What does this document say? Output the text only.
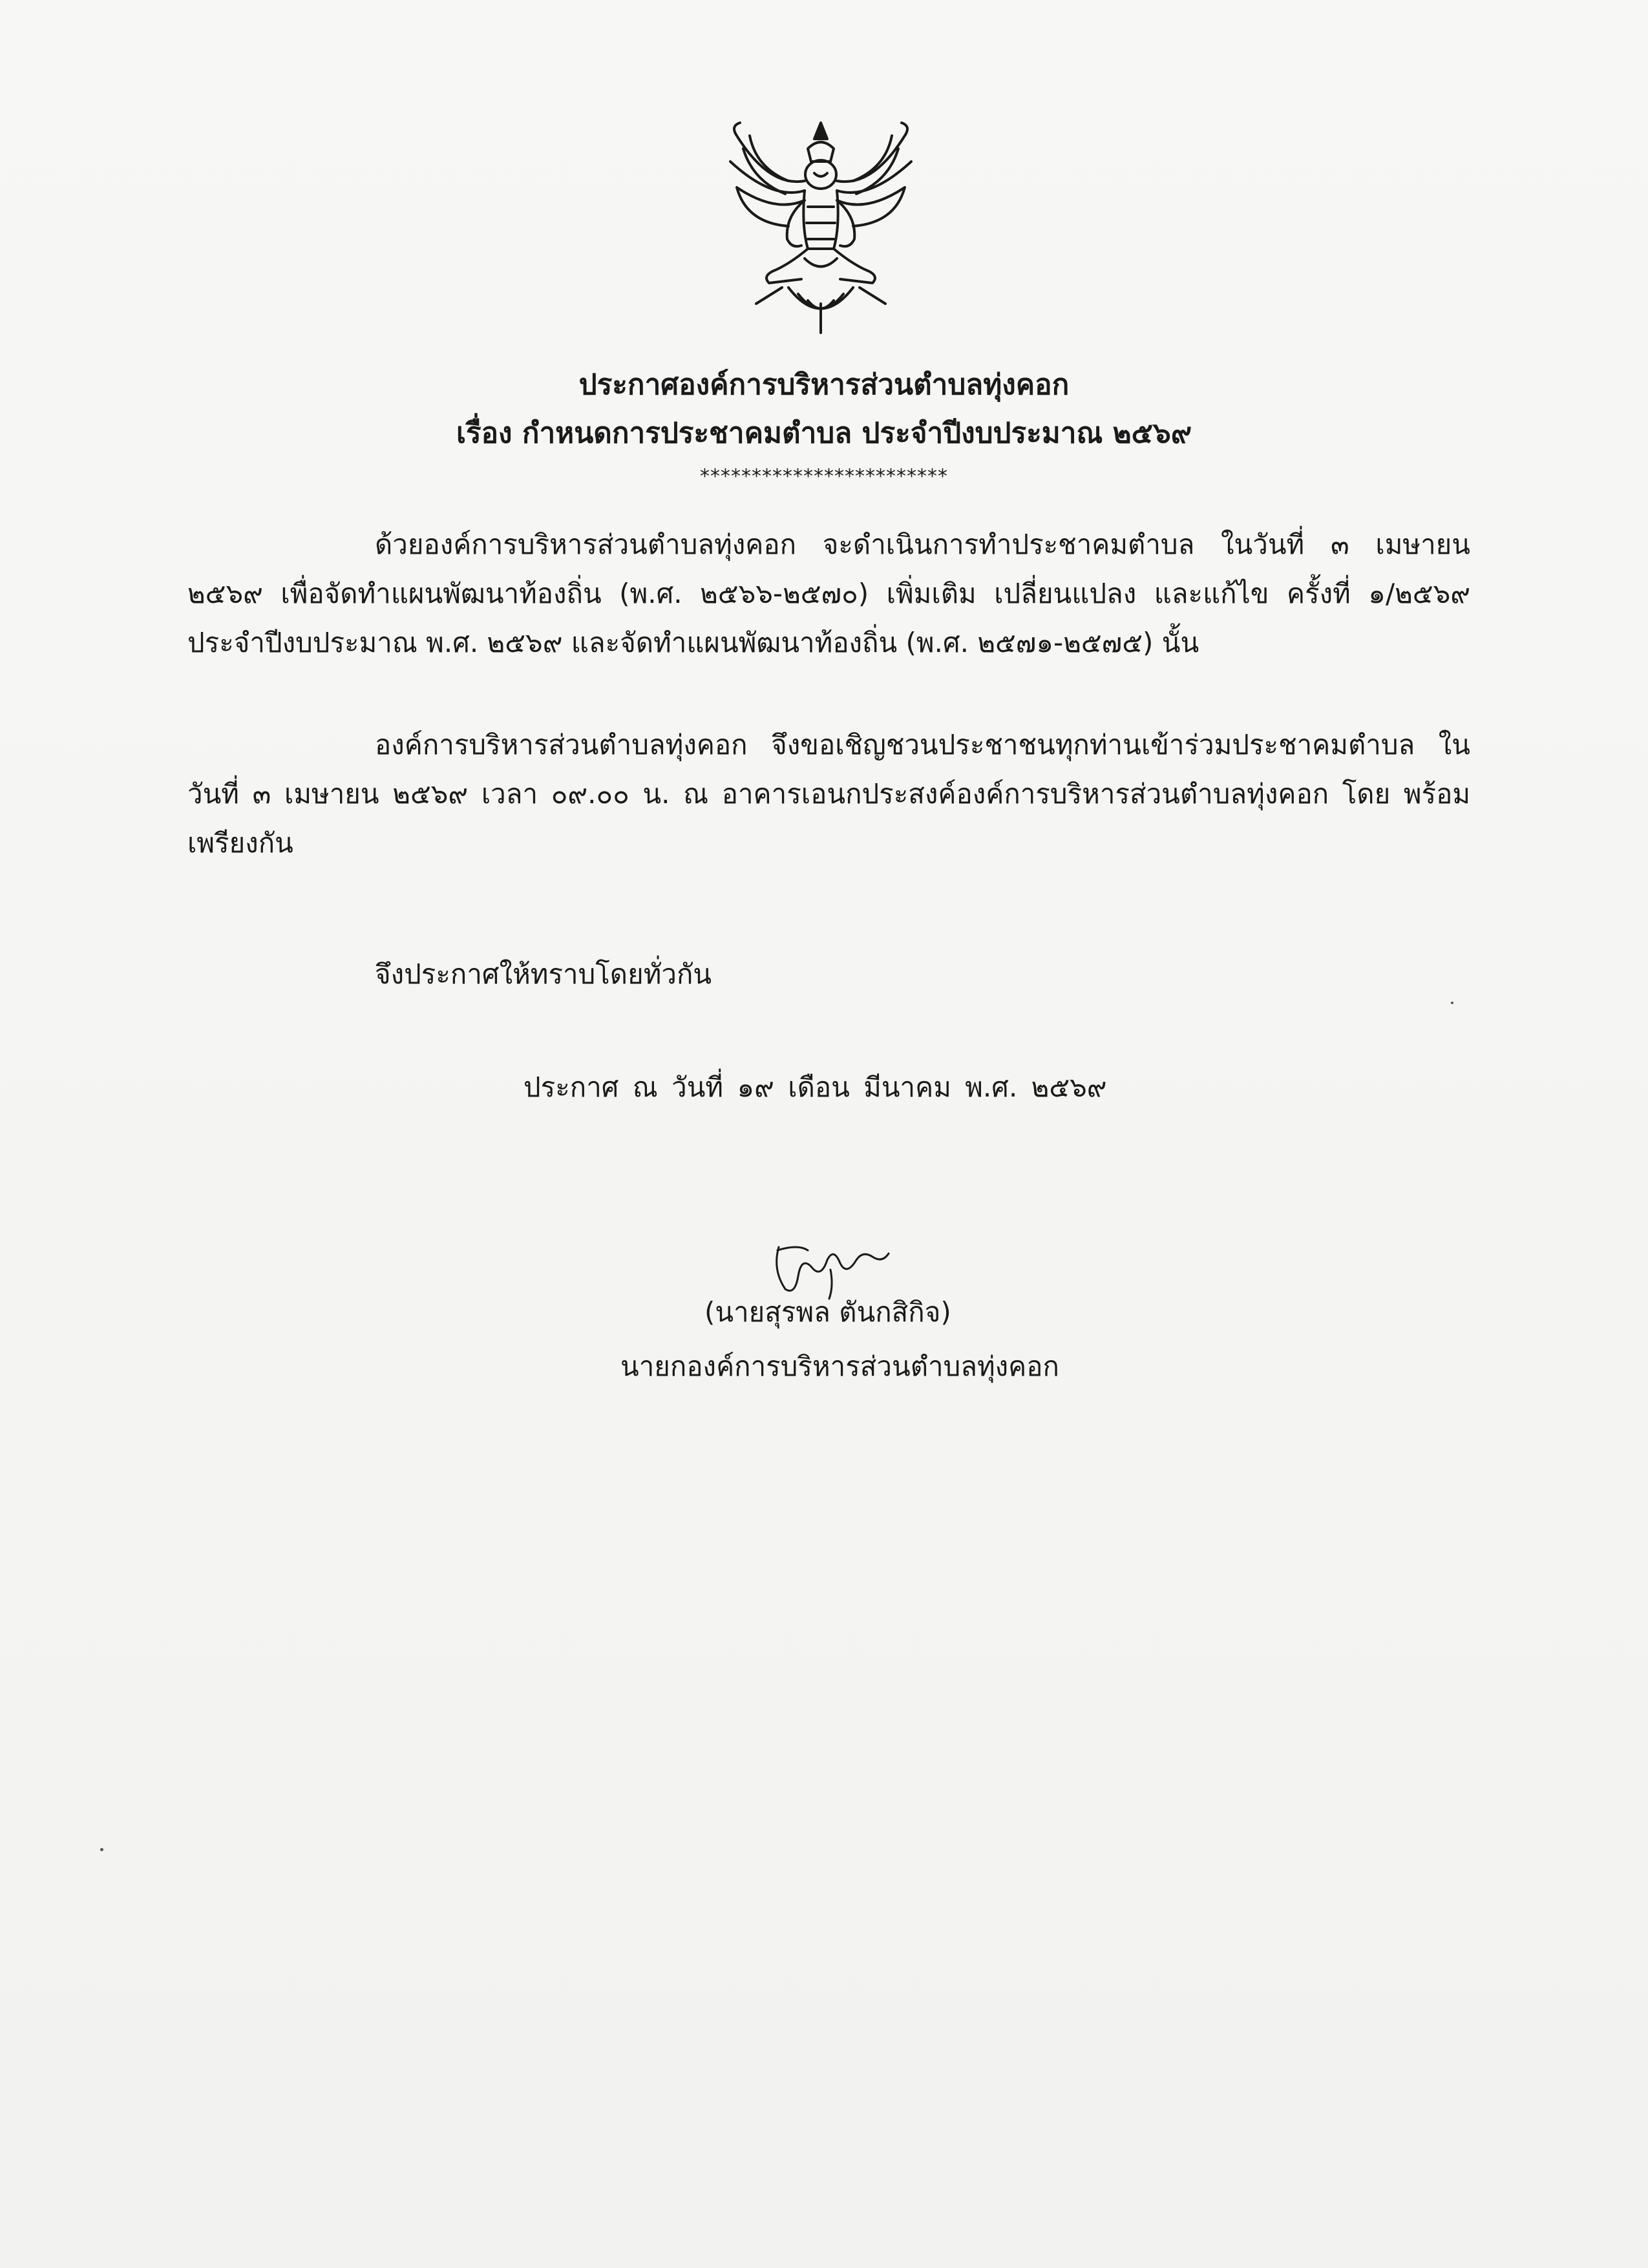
ประกาศองค์การบริหารส่วนตำบลทุ่งคอก
เรื่อง กำหนดการประชาคมตำบล ประจำปีงบประมาณ ๒๕๖๙
************************
ด้วยองค์การบริหารส่วนตำบลทุ่งคอก จะดำเนินการทำประชาคมตำบล ในวันที่ ๓ เมษายน ๒๕๖๙ เพื่อจัดทำแผนพัฒนาท้องถิ่น (พ.ศ. ๒๕๖๖-๒๕๗๐) เพิ่มเติม เปลี่ยนแปลง และแก้ไข ครั้งที่ ๑/๒๕๖๙ ประจำปีงบประมาณ พ.ศ. ๒๕๖๙ และจัดทำแผนพัฒนาท้องถิ่น (พ.ศ. ๒๕๗๑-๒๕๗๕) นั้น
องค์การบริหารส่วนตำบลทุ่งคอก จึงขอเชิญชวนประชาชนทุกท่านเข้าร่วมประชาคมตำบล ใน วันที่ ๓ เมษายน ๒๕๖๙ เวลา ๐๙.๐๐ น. ณ อาคารเอนกประสงค์องค์การบริหารส่วนตำบลทุ่งคอก โดย พร้อมเพรียงกัน
จึงประกาศให้ทราบโดยทั่วกัน
ประกาศ ณ วันที่ ๑๙ เดือน มีนาคม พ.ศ. ๒๕๖๙
(นายสุรพล ตันกสิกิจ)
นายกองค์การบริหารส่วนตำบลทุ่งคอก
